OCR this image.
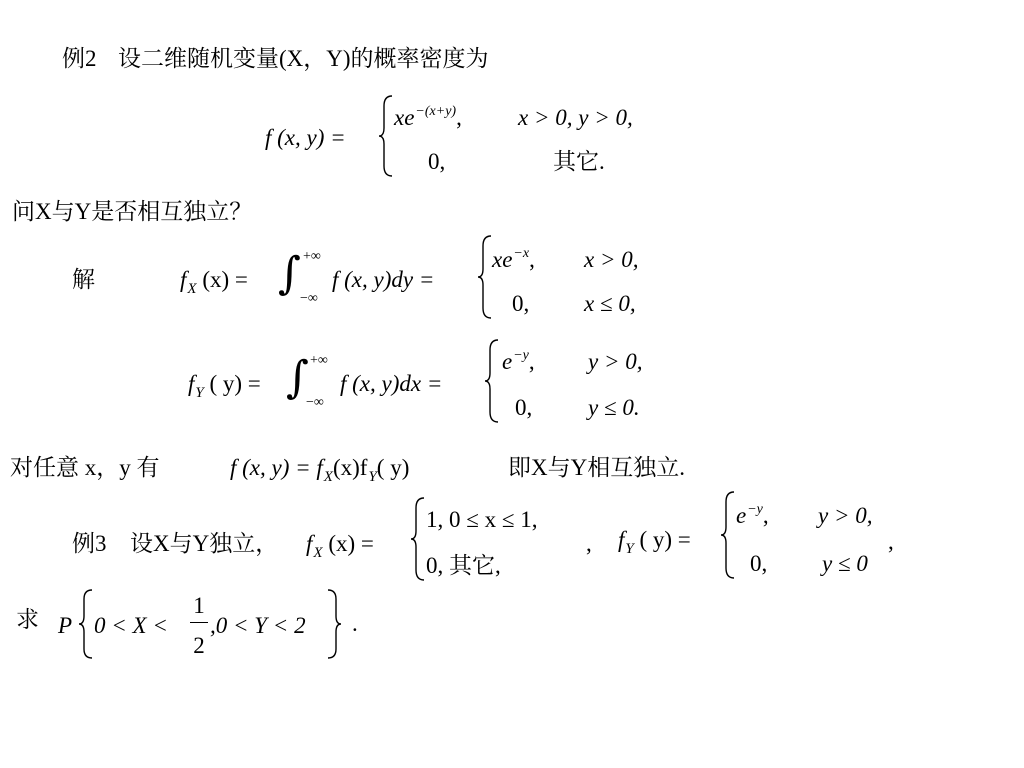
例2 设二维随机变量(X，Y)的概率密度为
f (x, y) =
$xe^{-(x+y)}$, x > 0, y > 0,
0,	其它.
问X与Y是否相互独立？
解	$f_X$ (x) = ∫ +∞
−∞
f (x, y)dy =
$xe^{-x}$, x > 0,
0, x ≤ 0,
$f_Y$ ( y) = ∫ +∞
−∞
f (x, y)dx =
$e^{-y}$, y > 0,
0, y ≤ 0.
对任意 x，y 有	f (x, $y) = f_X(x)f_Y$( y)	即X与Y相互独立.
例3 设X与Y独立， $f_X$ (x) =
1, 0 ≤ x ≤ 1,
0, 其它,
, $f_Y$ ( y) =
$e^{-y}$, y > 0,
0, y ≤ 0
,
求 P 0 < X <
1
2
,0 < Y < 2 .
